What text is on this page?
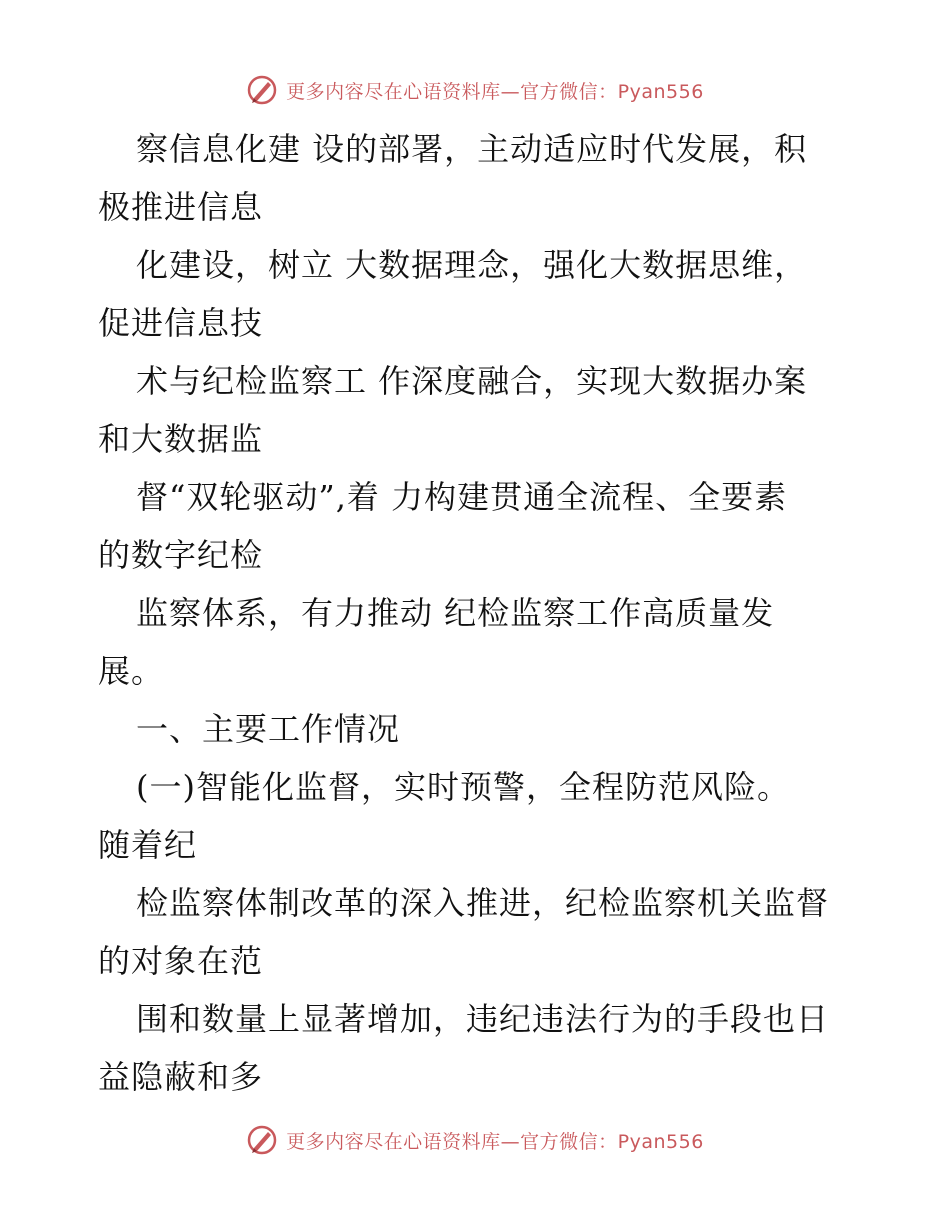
更多内容尽在心语资料库—官方微信：Pyan556
察信息化建 设的部署，主动适应时代发展，积
极推进信息
化建设，树立 大数据理念，强化大数据思维，
促进信息技
术与纪检监察工 作深度融合，实现大数据办案
和大数据监
督“双轮驱动”,着 力构建贯通全流程、全要素
的数字纪检
监察体系，有力推动 纪检监察工作高质量发
展。
一、主要工作情况
(一)智能化监督，实时预警，全程防范风险。
随着纪
检监察体制改革的深入推进，纪检监察机关监督
的对象在范
围和数量上显著增加，违纪违法行为的手段也日
益隐蔽和多
更多内容尽在心语资料库—官方微信：Pyan556
